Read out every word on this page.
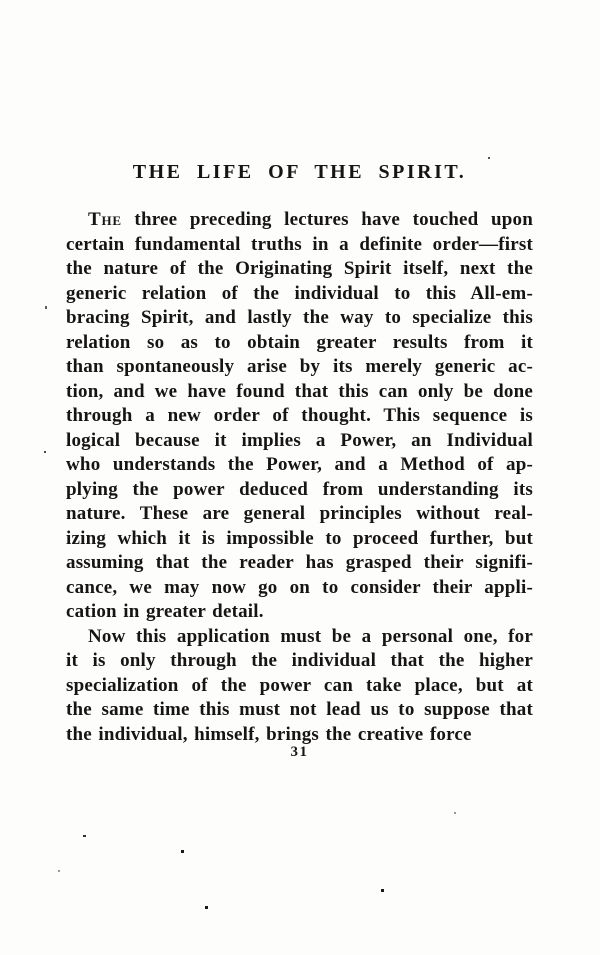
THE LIFE OF THE SPIRIT.
The three preceding lectures have touched upon
certain fundamental truths in a definite order—first
the nature of the Originating Spirit itself, next the
generic relation of the individual to this All-em-
bracing Spirit, and lastly the way to specialize this
relation so as to obtain greater results from it
than spontaneously arise by its merely generic ac-
tion, and we have found that this can only be done
through a new order of thought. This sequence is
logical because it implies a Power, an Individual
who understands the Power, and a Method of ap-
plying the power deduced from understanding its
nature. These are general principles without real-
izing which it is impossible to proceed further, but
assuming that the reader has grasped their signifi-
cance, we may now go on to consider their appli-
cation in greater detail.
Now this application must be a personal one, for
it is only through the individual that the higher
specialization of the power can take place, but at
the same time this must not lead us to suppose that
the individual, himself, brings the creative force
31
